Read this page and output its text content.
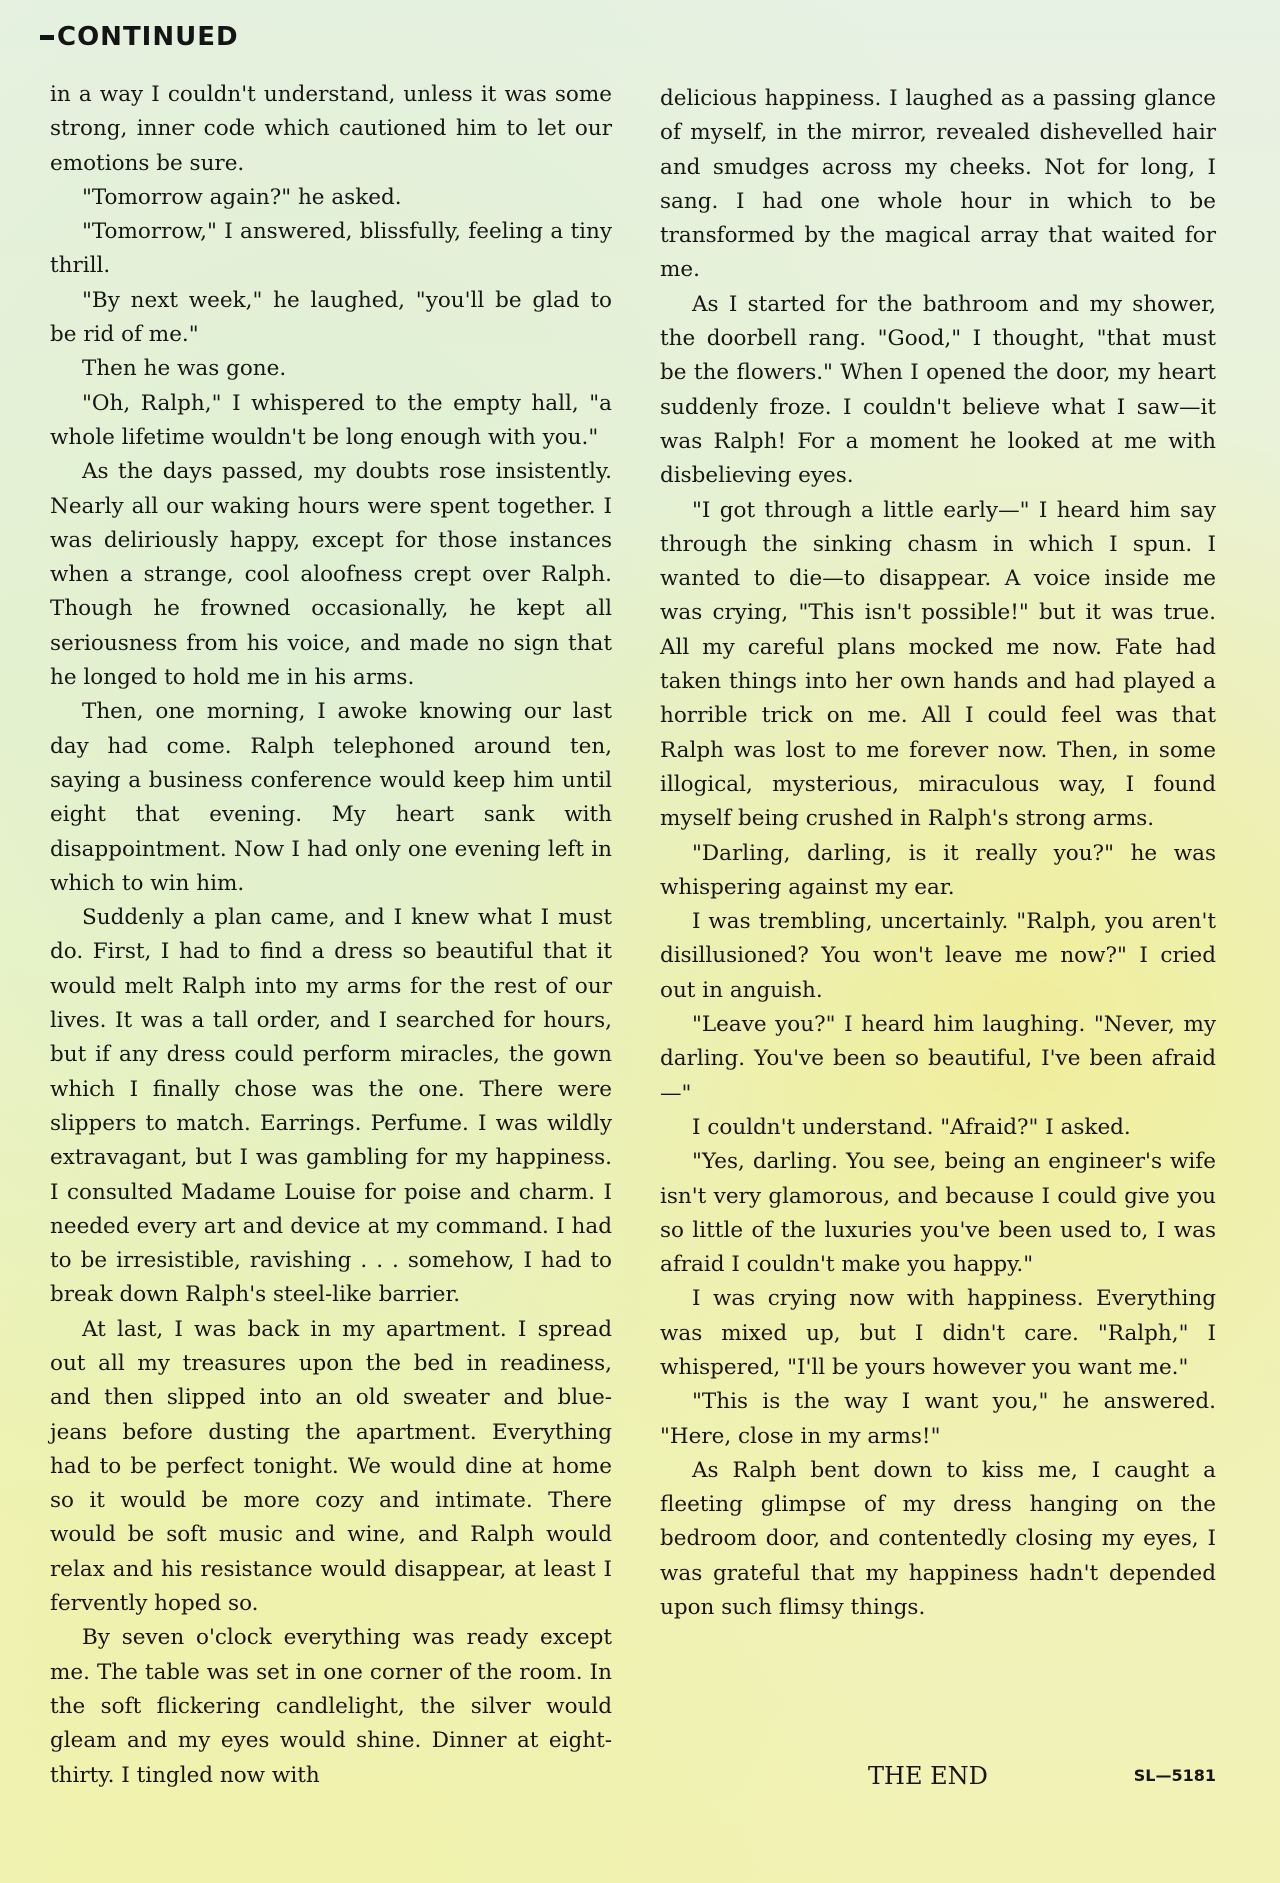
CONTINUED

in a way I couldn't understand, unless it was some strong, inner code which cautioned him to let our emotions be sure.

"Tomorrow again?" he asked.

"Tomorrow," I answered, blissfully, feeling a tiny thrill.

"By next week," he laughed, "you'll be glad to be rid of me."

Then he was gone.

"Oh, Ralph," I whispered to the empty hall, "a whole lifetime wouldn't be long enough with you."

As the days passed, my doubts rose insistently. Nearly all our waking hours were spent together. I was deliriously happy, except for those instances when a strange, cool aloofness crept over Ralph. Though he frowned occasionally, he kept all seriousness from his voice, and made no sign that he longed to hold me in his arms.

Then, one morning, I awoke knowing our last day had come. Ralph telephoned around ten, saying a business conference would keep him until eight that evening. My heart sank with disappointment. Now I had only one evening left in which to win him.

Suddenly a plan came, and I knew what I must do. First, I had to find a dress so beautiful that it would melt Ralph into my arms for the rest of our lives. It was a tall order, and I searched for hours, but if any dress could perform miracles, the gown which I finally chose was the one. There were slippers to match. Earrings. Perfume. I was wildly extravagant, but I was gambling for my happiness. I consulted Madame Louise for poise and charm. I needed every art and device at my command. I had to be irresistible, ravishing . . . somehow, I had to break down Ralph's steel-like barrier.

At last, I was back in my apartment. I spread out all my treasures upon the bed in readiness, and then slipped into an old sweater and blue-jeans before dusting the apartment. Everything had to be perfect tonight. We would dine at home so it would be more cozy and intimate. There would be soft music and wine, and Ralph would relax and his resistance would disappear, at least I fervently hoped so.

By seven o'clock everything was ready except me. The table was set in one corner of the room. In the soft flickering candlelight, the silver would gleam and my eyes would shine. Dinner at eight-thirty. I tingled now with

delicious happiness. I laughed as a passing glance of myself, in the mirror, revealed dishevelled hair and smudges across my cheeks. Not for long, I sang. I had one whole hour in which to be transformed by the magical array that waited for me.

As I started for the bathroom and my shower, the doorbell rang. "Good," I thought, "that must be the flowers." When I opened the door, my heart suddenly froze. I couldn't believe what I saw—it was Ralph! For a moment he looked at me with disbelieving eyes.

"I got through a little early—" I heard him say through the sinking chasm in which I spun. I wanted to die—to disappear. A voice inside me was crying, "This isn't possible!" but it was true. All my careful plans mocked me now. Fate had taken things into her own hands and had played a horrible trick on me. All I could feel was that Ralph was lost to me forever now. Then, in some illogical, mysterious, miraculous way, I found myself being crushed in Ralph's strong arms.

"Darling, darling, is it really you?" he was whispering against my ear.

I was trembling, uncertainly. "Ralph, you aren't disillusioned? You won't leave me now?" I cried out in anguish.

"Leave you?" I heard him laughing. "Never, my darling. You've been so beautiful, I've been afraid—"

I couldn't understand. "Afraid?" I asked.

"Yes, darling. You see, being an engineer's wife isn't very glamorous, and because I could give you so little of the luxuries you've been used to, I was afraid I couldn't make you happy."

I was crying now with happiness. Everything was mixed up, but I didn't care. "Ralph," I whispered, "I'll be yours however you want me."

"This is the way I want you," he answered. "Here, close in my arms!"

As Ralph bent down to kiss me, I caught a fleeting glimpse of my dress hanging on the bedroom door, and contentedly closing my eyes, I was grateful that my happiness hadn't depended upon such flimsy things.

THE END	SL—5181
